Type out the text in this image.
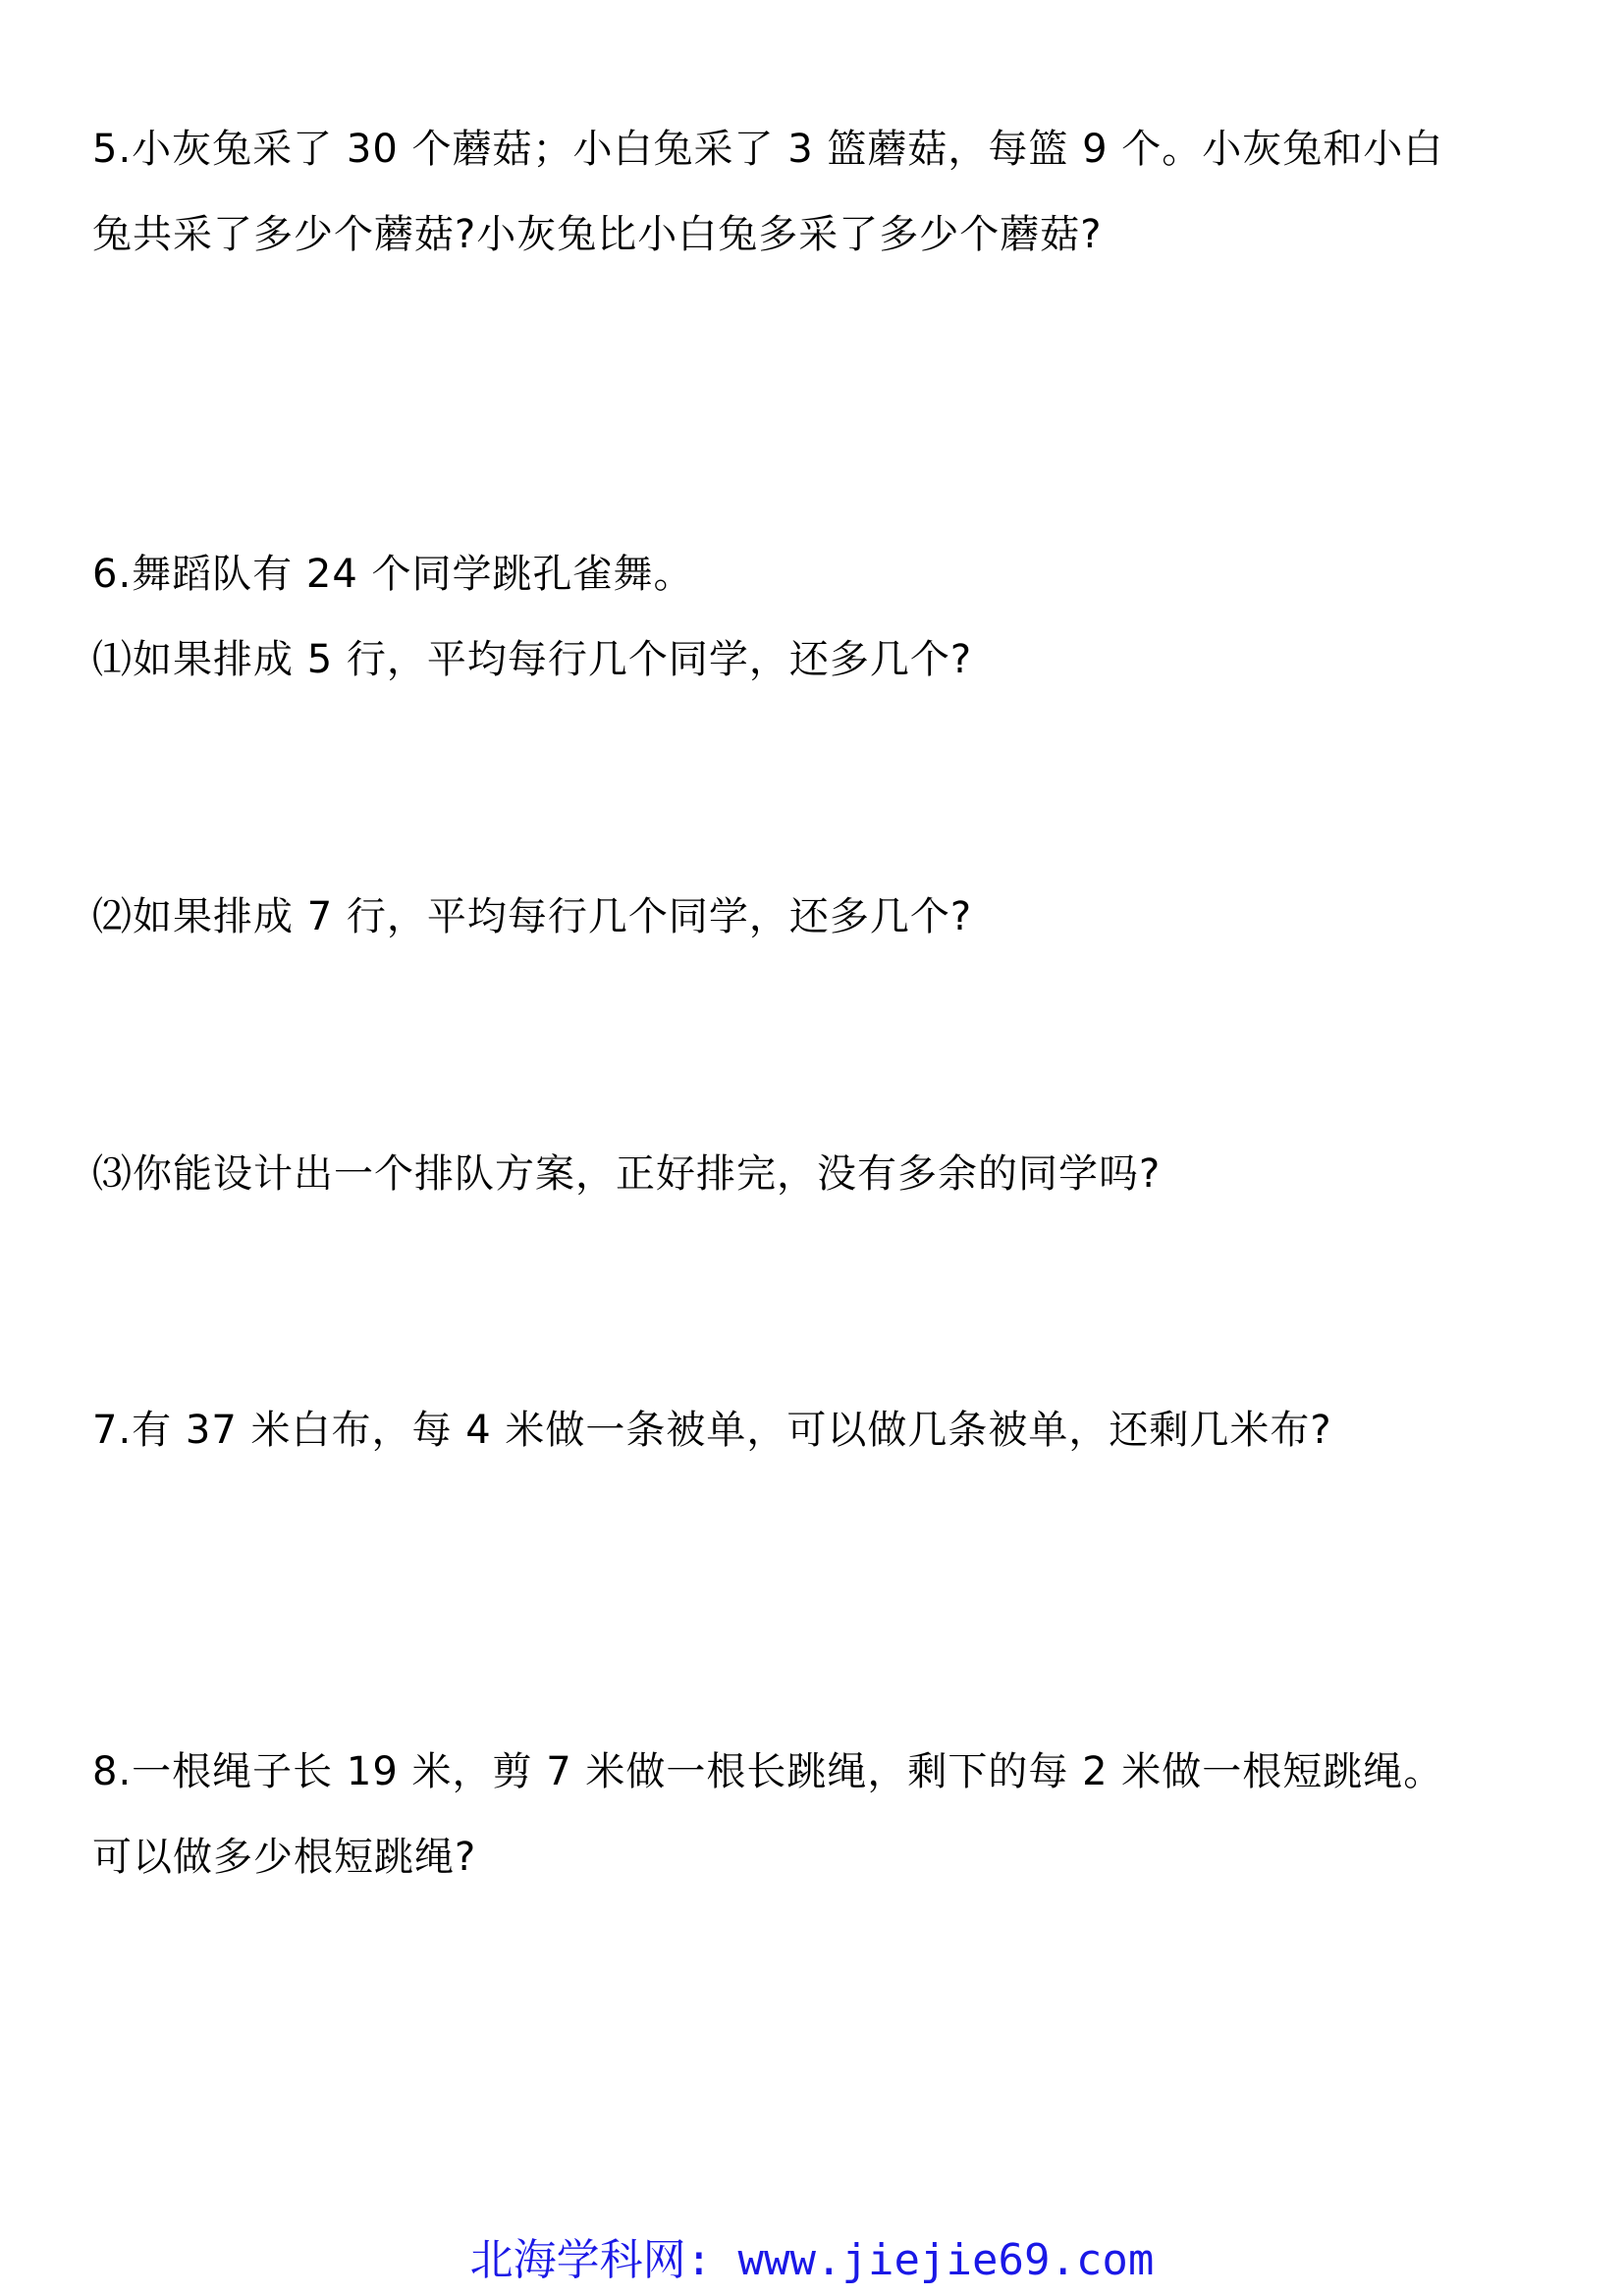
5.小灰兔采了 30 个蘑菇；小白兔采了 3 篮蘑菇，每篮 9 个。小灰兔和小白
兔共采了多少个蘑菇?小灰兔比小白兔多采了多少个蘑菇?
6.舞蹈队有 24 个同学跳孔雀舞。
⑴如果排成 5 行，平均每行几个同学，还多几个?
⑵如果排成 7 行，平均每行几个同学，还多几个?
⑶你能设计出一个排队方案，正好排完，没有多余的同学吗?
7.有 37 米白布，每 4 米做一条被单，可以做几条被单，还剩几米布?
8.一根绳子长 19 米，剪 7 米做一根长跳绳，剩下的每 2 米做一根短跳绳。
可以做多少根短跳绳?
北海学科网: www.jiejie69.com
